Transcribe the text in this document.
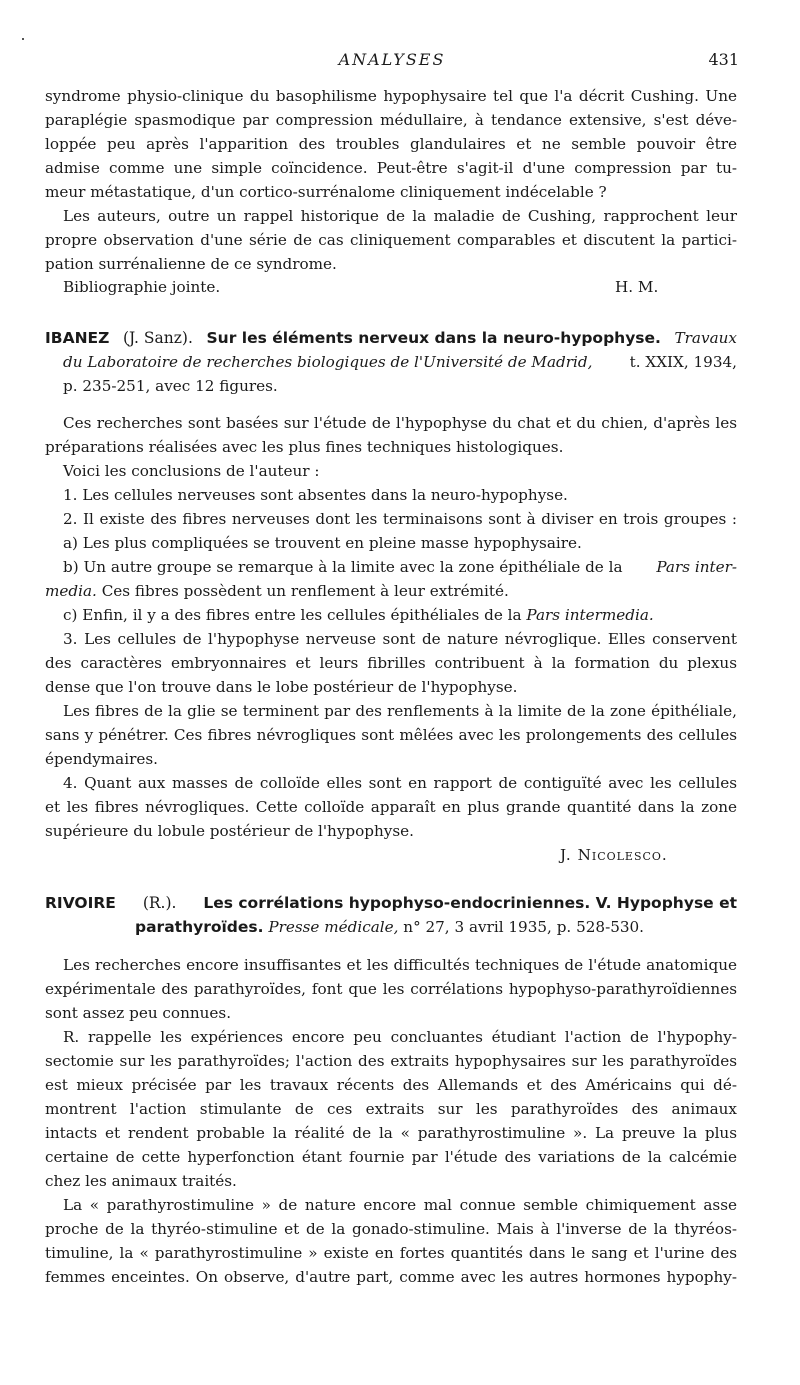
ANALYSES	431
syndrome physio-clinique du basophilisme hypophysaire tel que l'a décrit Cushing. Une
paraplégie spasmodique par compression médullaire, à tendance extensive, s'est déve-
loppée peu après l'apparition des troubles glandulaires et ne semble pouvoir être
admise comme une simple coïncidence. Peut-être s'agit-il d'une compression par tu-
meur métastatique, d'un cortico-surrénalome cliniquement indécelable ?
Les auteurs, outre un rappel historique de la maladie de Cushing, rapprochent leur
propre observation d'une série de cas cliniquement comparables et discutent la partici-
pation surrénalienne de ce syndrome.
Bibliographie jointe.	H. M.
IBANEZ (J. Sanz). Sur les éléments nerveux dans la neuro-hypophyse. Travaux
du Laboratoire de recherches biologiques de l'Université de Madrid, t. XXIX, 1934,
p. 235-251, avec 12 figures.
Ces recherches sont basées sur l'étude de l'hypophyse du chat et du chien, d'après les
préparations réalisées avec les plus fines techniques histologiques.
Voici les conclusions de l'auteur :
1. Les cellules nerveuses sont absentes dans la neuro-hypophyse.
2. Il existe des fibres nerveuses dont les terminaisons sont à diviser en trois groupes :
a) Les plus compliquées se trouvent en pleine masse hypophysaire.
b) Un autre groupe se remarque à la limite avec la zone épithéliale de la Pars inter-
media. Ces fibres possèdent un renflement à leur extrémité.
c) Enfin, il y a des fibres entre les cellules épithéliales de la Pars intermedia.
3. Les cellules de l'hypophyse nerveuse sont de nature névroglique. Elles conservent
des caractères embryonnaires et leurs fibrilles contribuent à la formation du plexus
dense que l'on trouve dans le lobe postérieur de l'hypophyse.
Les fibres de la glie se terminent par des renflements à la limite de la zone épithéliale,
sans y pénétrer. Ces fibres névrogliques sont mêlées avec les prolongements des cellules
épendymaires.
4. Quant aux masses de colloïde elles sont en rapport de contiguïté avec les cellules
et les fibres névrogliques. Cette colloïde apparaît en plus grande quantité dans la zone
supérieure du lobule postérieur de l'hypophyse.
J. Nicolesco.
RIVOIRE (R.). Les corrélations hypophyso-endocriniennes. V. Hypophyse et
parathyroïdes. Presse médicale, n° 27, 3 avril 1935, p. 528-530.
Les recherches encore insuffisantes et les difficultés techniques de l'étude anatomique
expérimentale des parathyroïdes, font que les corrélations hypophyso-parathyroïdiennes
sont assez peu connues.
R. rappelle les expériences encore peu concluantes étudiant l'action de l'hypophy-
sectomie sur les parathyroïdes; l'action des extraits hypophysaires sur les parathyroïdes
est mieux précisée par les travaux récents des Allemands et des Américains qui dé-
montrent l'action stimulante de ces extraits sur les parathyroïdes des animaux
intacts et rendent probable la réalité de la « parathyrostimuline ». La preuve la plus
certaine de cette hyperfonction étant fournie par l'étude des variations de la calcémie
chez les animaux traités.
La « parathyrostimuline » de nature encore mal connue semble chimiquement asse
proche de la thyréo-stimuline et de la gonado-stimuline. Mais à l'inverse de la thyréos-
timuline, la « parathyrostimuline » existe en fortes quantités dans le sang et l'urine des
femmes enceintes. On observe, d'autre part, comme avec les autres hormones hypophy-
